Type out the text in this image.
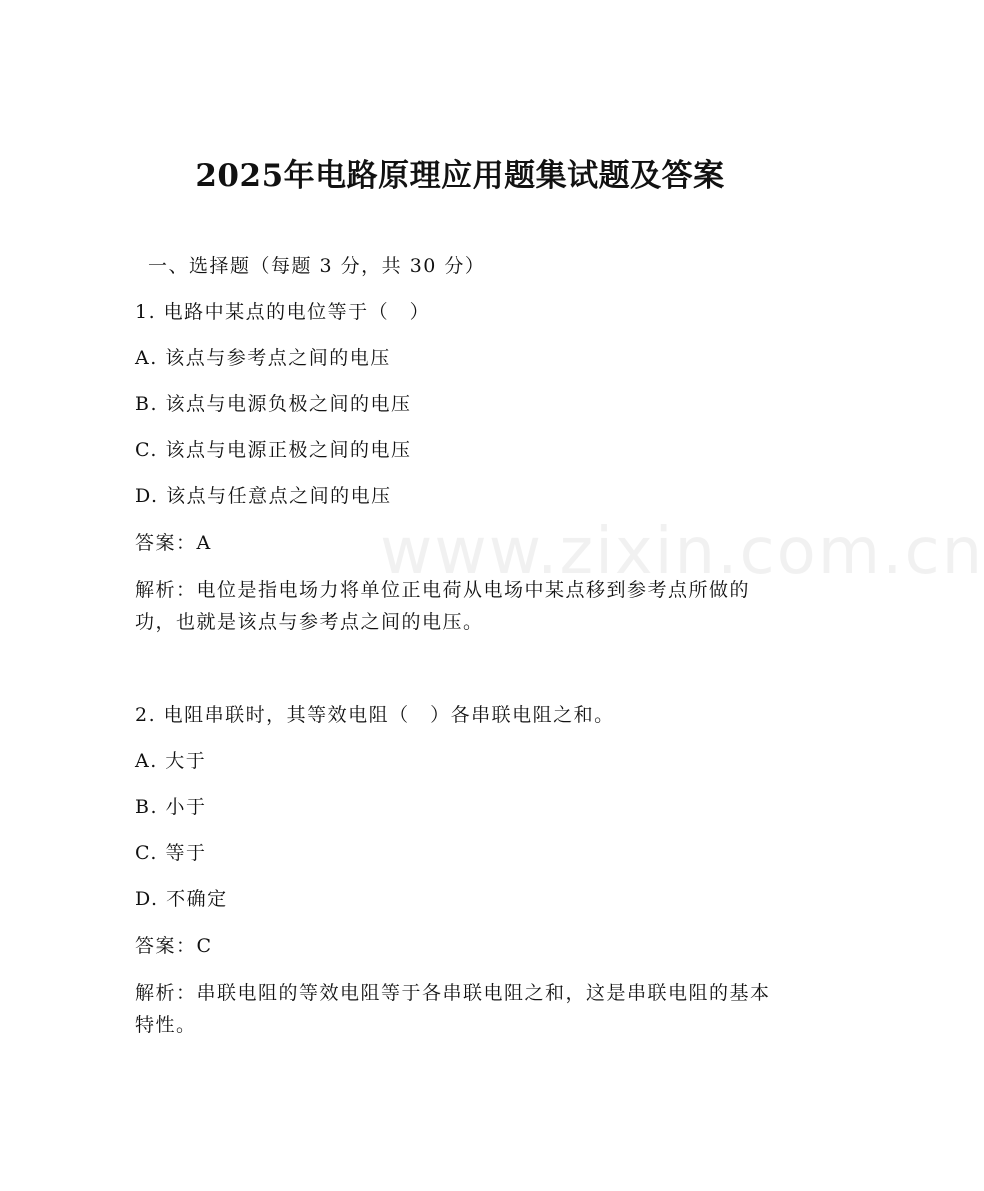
www.zixin.com.cn
2025年电路原理应用题集试题及答案
一、选择题（每题 3 分，共 30 分）
1. 电路中某点的电位等于（　）
A. 该点与参考点之间的电压
B. 该点与电源负极之间的电压
C. 该点与电源正极之间的电压
D. 该点与任意点之间的电压
答案：A
解析：电位是指电场力将单位正电荷从电场中某点移到参考点所做的功，也就是该点与参考点之间的电压。
2. 电阻串联时，其等效电阻（　）各串联电阻之和。
A. 大于
B. 小于
C. 等于
D. 不确定
答案：C
解析：串联电阻的等效电阻等于各串联电阻之和，这是串联电阻的基本特性。
